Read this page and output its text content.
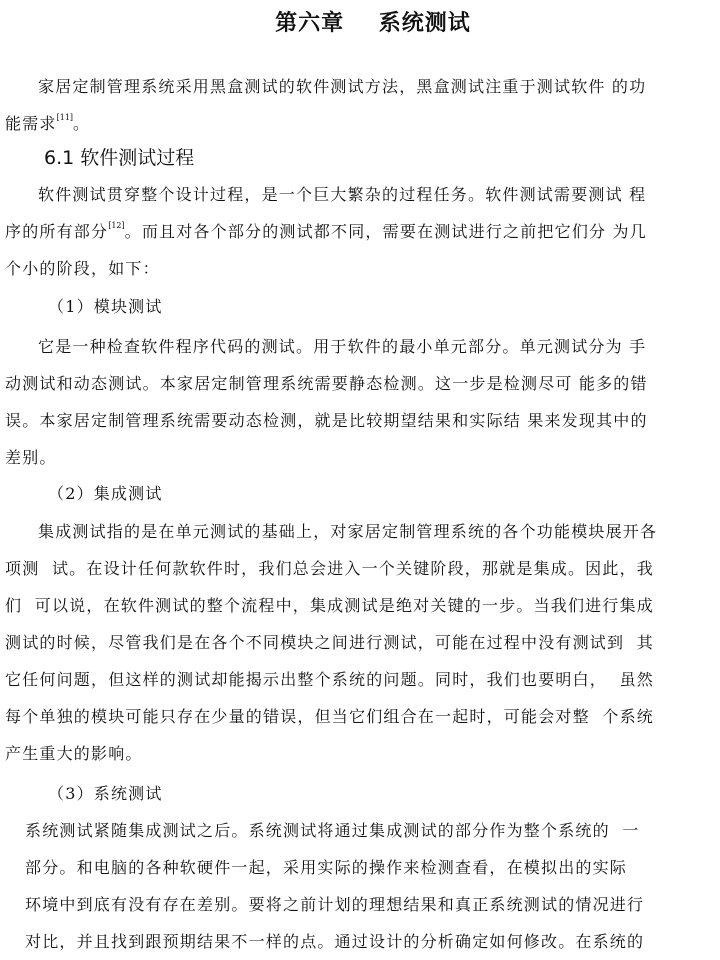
第六章    系统测试
家居定制管理系统采用黑盒测试的软件测试方法，黑盒测试注重于测试软件 的功
能需求[11]。
6.1 软件测试过程
软件测试贯穿整个设计过程，是一个巨大繁杂的过程任务。软件测试需要测试 程
序的所有部分[12]。而且对各个部分的测试都不同，需要在测试进行之前把它们分 为几
个小的阶段，如下：
（1）模块测试
它是一种检查软件程序代码的测试。用于软件的最小单元部分。单元测试分为 手
动测试和动态测试。本家居定制管理系统需要静态检测。这一步是检测尽可 能多的错
误。本家居定制管理系统需要动态检测，就是比较期望结果和实际结 果来发现其中的
差别。
（2）集成测试
集成测试指的是在单元测试的基础上，对家居定制管理系统的各个功能模块展开各
项测  试。在设计任何款软件时，我们总会进入一个关键阶段，那就是集成。因此，我
们  可以说，在软件测试的整个流程中，集成测试是绝对关键的一步。当我们进行集成
测试的时候，尽管我们是在各个不同模块之间进行测试，可能在过程中没有测试到  其
它任何问题，但这样的测试却能揭示出整个系统的问题。同时，我们也要明白，  虽然
每个单独的模块可能只存在少量的错误，但当它们组合在一起时，可能会对整  个系统
产生重大的影响。
（3）系统测试
系统测试紧随集成测试之后。系统测试将通过集成测试的部分作为整个系统的  一
部分。和电脑的各种软硬件一起，采用实际的操作来检测查看，在模拟出的实际
环境中到底有没有存在差别。要将之前计划的理想结果和真正系统测试的情况进行
对比，并且找到跟预期结果不一样的点。通过设计的分析确定如何修改。在系统的
